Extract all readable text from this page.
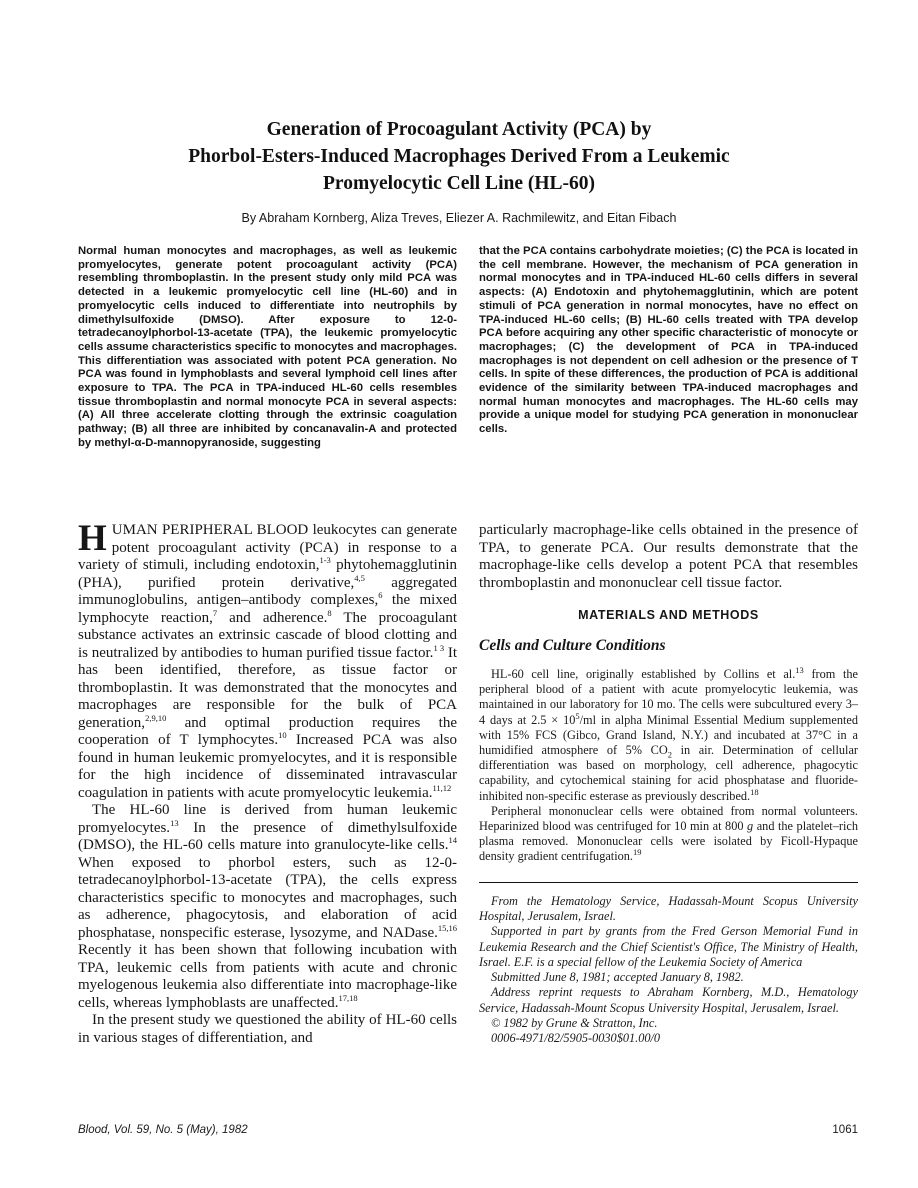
Generation of Procoagulant Activity (PCA) by
Phorbol-Esters-Induced Macrophages Derived From a Leukemic
Promyelocytic Cell Line (HL-60)
By Abraham Kornberg, Aliza Treves, Eliezer A. Rachmilewitz, and Eitan Fibach
Normal human monocytes and macrophages, as well as leukemic promyelocytes, generate potent procoagulant activity (PCA) resembling thromboplastin. In the present study only mild PCA was detected in a leukemic promyelocytic cell line (HL-60) and in promyelocytic cells induced to differentiate into neutrophils by dimethylsulfoxide (DMSO). After exposure to 12-0-tetradecanoylphorbol-13-acetate (TPA), the leukemic promyelocytic cells assume characteristics specific to monocytes and macrophages. This differentiation was associated with potent PCA generation. No PCA was found in lymphoblasts and several lymphoid cell lines after exposure to TPA. The PCA in TPA-induced HL-60 cells resembles tissue thromboplastin and normal monocyte PCA in several aspects: (A) All three accelerate clotting through the extrinsic coagulation pathway; (B) all three are inhibited by concanavalin-A and protected by methyl-α-D-mannopyranoside, suggesting
that the PCA contains carbohydrate moieties; (C) the PCA is located in the cell membrane. However, the mechanism of PCA generation in normal monocytes and in TPA-induced HL-60 cells differs in several aspects: (A) Endotoxin and phytohemagglutinin, which are potent stimuli of PCA generation in normal monocytes, have no effect on TPA-induced HL-60 cells; (B) HL-60 cells treated with TPA develop PCA before acquiring any other specific characteristic of monocyte or macrophages; (C) the development of PCA in TPA-induced macrophages is not dependent on cell adhesion or the presence of T cells. In spite of these differences, the production of PCA is additional evidence of the similarity between TPA-induced macrophages and normal human monocytes and macrophages. The HL-60 cells may provide a unique model for studying PCA generation in mononuclear cells.

HUMAN PERIPHERAL BLOOD leukocytes can generate potent procoagulant activity (PCA) in response to a variety of stimuli, including endotoxin,$^{1-3}$ phytohemagglutinin (PHA), purified protein derivative,$^{4,5}$ aggregated immunoglobulins, antigen–antibody complexes,$^6$ the mixed lymphocyte reaction,$^7$ and adherence.$^8$ The procoagulant substance activates an extrinsic cascade of blood clotting and is neutralized by antibodies to human purified tissue factor.$^{1 3}$ It has been identified, therefore, as tissue factor or thromboplastin. It was demonstrated that the monocytes and macrophages are responsible for the bulk of PCA generation,$^{2,9,10}$ and optimal production requires the cooperation of T lymphocytes.$^{10}$ Increased PCA was also found in human leukemic promyelocytes, and it is responsible for the high incidence of disseminated intravascular coagulation in patients with acute promyelocytic leukemia.$^{11,12}$

The HL-60 line is derived from human leukemic promyelocytes.$^{13}$ In the presence of dimethylsulfoxide (DMSO), the HL-60 cells mature into granulocyte-like cells.$^{14}$ When exposed to phorbol esters, such as 12-0-tetradecanoylphorbol-13-acetate (TPA), the cells express characteristics specific to monocytes and macrophages, such as adherence, phagocytosis, and elaboration of acid phosphatase, nonspecific esterase, lysozyme, and NADase.$^{15,16}$ Recently it has been shown that following incubation with TPA, leukemic cells from patients with acute and chronic myelogenous leukemia also differentiate into macrophage-like cells, whereas lymphoblasts are unaffected.$^{17,18}$

In the present study we questioned the ability of HL-60 cells in various stages of differentiation, and

particularly macrophage-like cells obtained in the presence of TPA, to generate PCA. Our results demonstrate that the macrophage-like cells develop a potent PCA that resembles thromboplastin and mononuclear cell tissue factor.

MATERIALS AND METHODS
Cells and Culture Conditions

HL-60 cell line, originally established by Collins et al.$^{13}$ from the peripheral blood of a patient with acute promyelocytic leukemia, was maintained in our laboratory for 10 mo. The cells were subcultured every 3–4 days at $2.5 \times 10^5/ml$ in alpha Minimal Essential Medium supplemented with 15% FCS (Gibco, Grand Island, N.Y.) and incubated at 37°C in a humidified atmosphere of 5% $CO_2$ in air. Determination of cellular differentiation was based on morphology, cell adherence, phagocytic capability, and cytochemical staining for acid phosphatase and fluoride-inhibited non-specific esterase as previously described.$^{18}$

Peripheral mononuclear cells were obtained from normal volunteers. Heparinized blood was centrifuged for 10 min at 800 g and the platelet–rich plasma removed. Mononuclear cells were isolated by Ficoll-Hypaque density gradient centrifugation.$^{19}$

From the Hematology Service, Hadassah-Mount Scopus University Hospital, Jerusalem, Israel.

Supported in part by grants from the Fred Gerson Memorial Fund in Leukemia Research and the Chief Scientist's Office, The Ministry of Health, Israel. E.F. is a special fellow of the Leukemia Society of America

Submitted June 8, 1981; accepted January 8, 1982.

Address reprint requests to Abraham Kornberg, M.D., Hematology Service, Hadassah-Mount Scopus University Hospital, Jerusalem, Israel.

© 1982 by Grune & Stratton, Inc.

0006-4971/82/5905-0030$01.00/0

Blood, Vol. 59, No. 5 (May), 1982	1061
